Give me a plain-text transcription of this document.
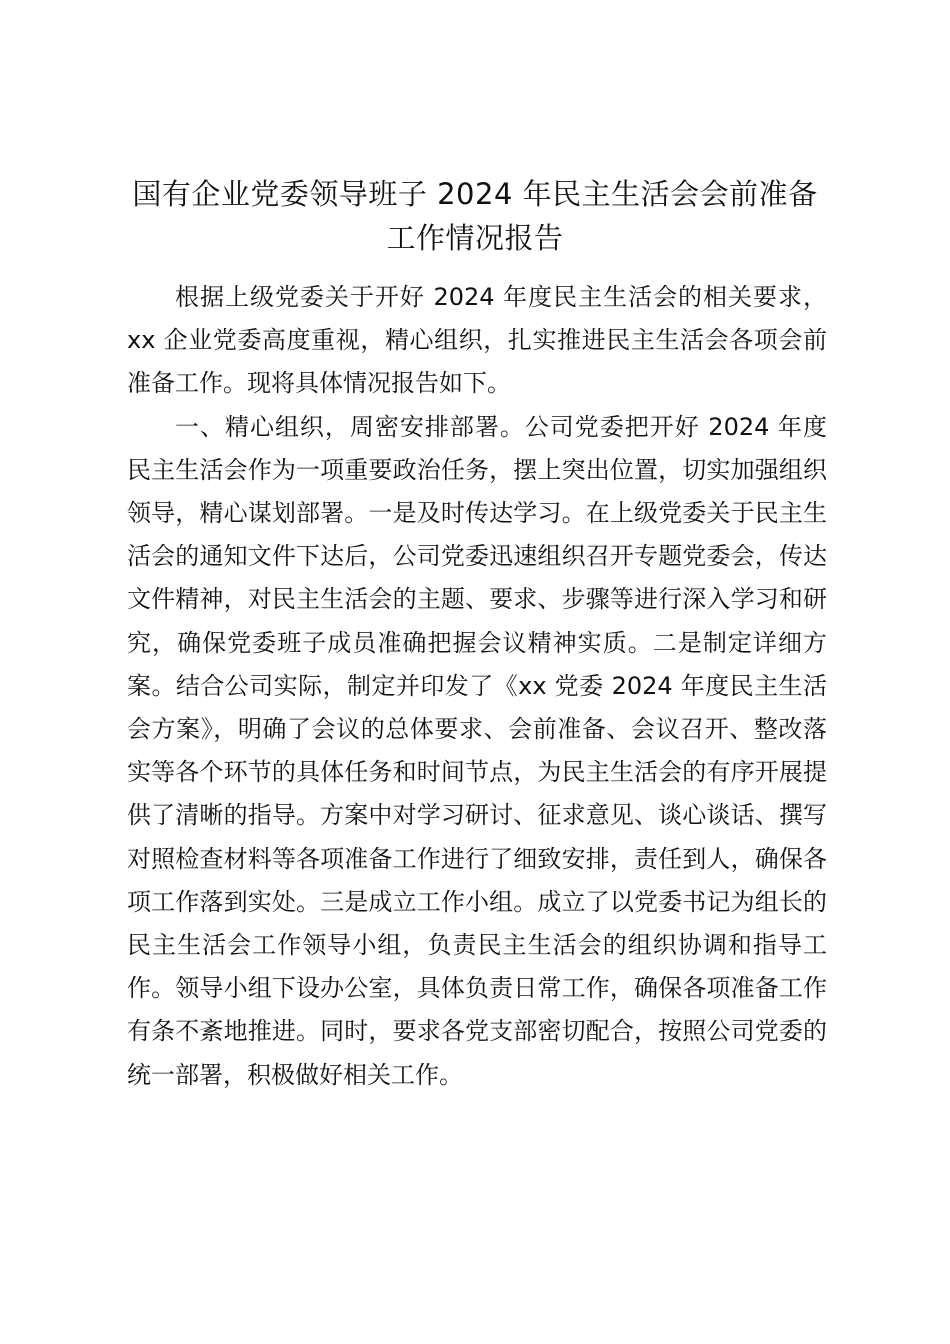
国有企业党委领导班子 2024 年民主生活会会前准备工作情况报告

根据上级党委关于开好 2024 年度民主生活会的相关要求，xx 企业党委高度重视，精心组织，扎实推进民主生活会各项会前准备工作。现将具体情况报告如下。

一、精心组织，周密安排部署。公司党委把开好 2024 年度民主生活会作为一项重要政治任务，摆上突出位置，切实加强组织领导，精心谋划部署。一是及时传达学习。在上级党委关于民主生活会的通知文件下达后，公司党委迅速组织召开专题党委会，传达文件精神，对民主生活会的主题、要求、步骤等进行深入学习和研究，确保党委班子成员准确把握会议精神实质。二是制定详细方案。结合公司实际，制定并印发了《xx 党委 2024 年度民主生活会方案》，明确了会议的总体要求、会前准备、会议召开、整改落实等各个环节的具体任务和时间节点，为民主生活会的有序开展提供了清晰的指导。方案中对学习研讨、征求意见、谈心谈话、撰写对照检查材料等各项准备工作进行了细致安排，责任到人，确保各项工作落到实处。三是成立工作小组。成立了以党委书记为组长的民主生活会工作领导小组，负责民主生活会的组织协调和指导工作。领导小组下设办公室，具体负责日常工作，确保各项准备工作有条不紊地推进。同时，要求各党支部密切配合，按照公司党委的统一部署，积极做好相关工作。
